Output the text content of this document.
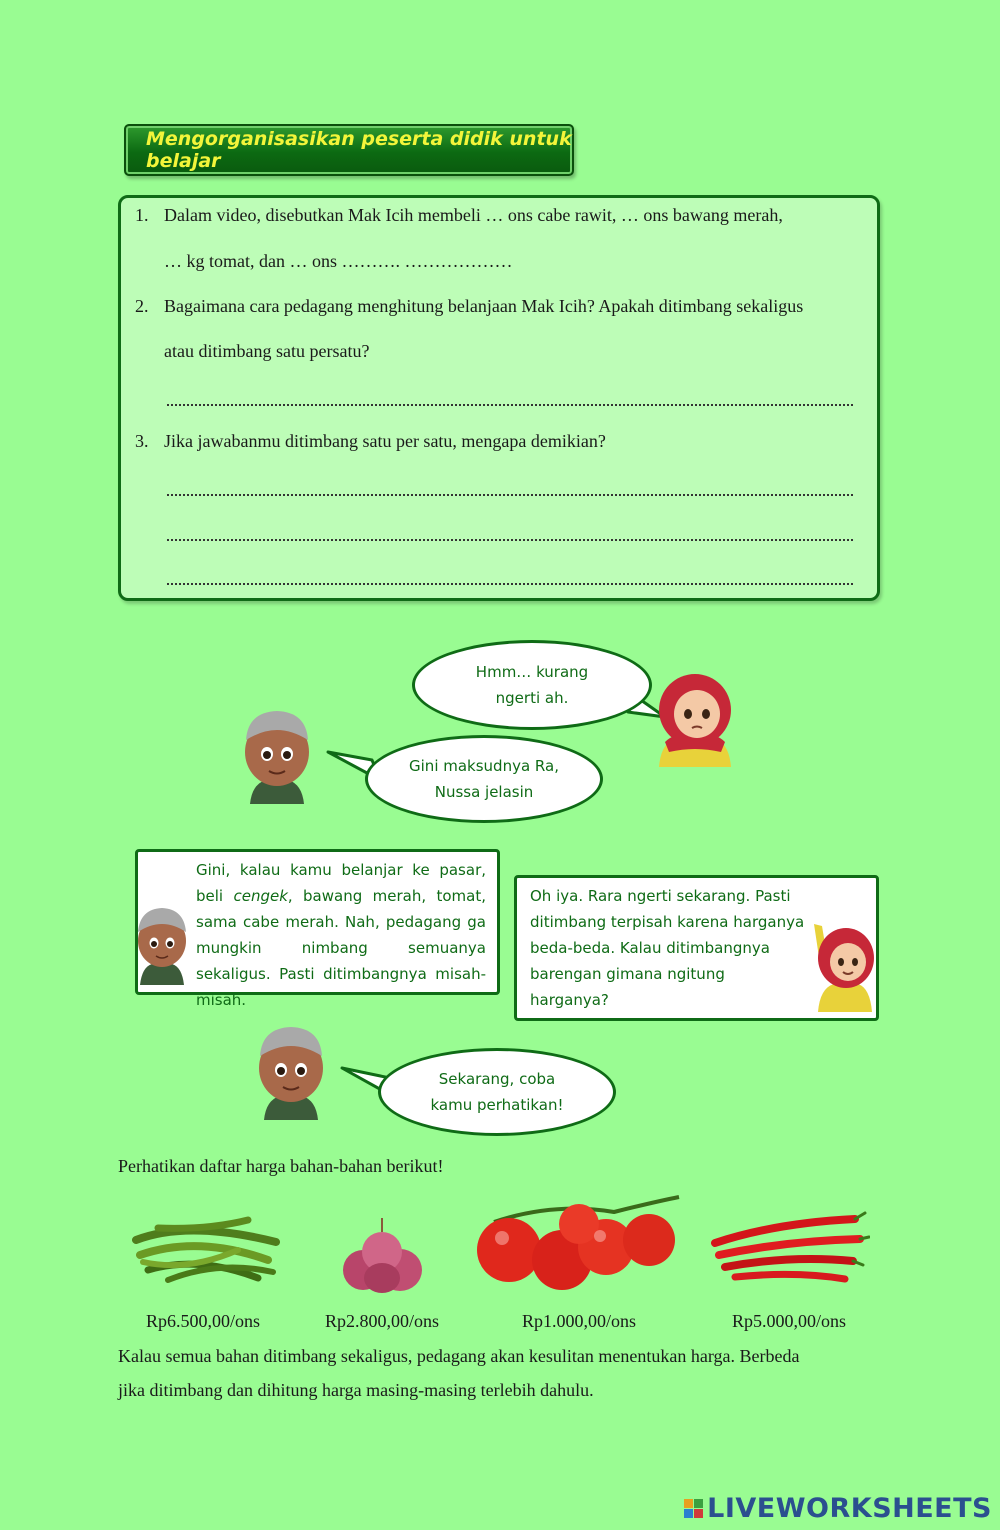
Mengorganisasikan peserta didik untuk belajar
1. Dalam video, disebutkan Mak Icih membeli … ons cabe rawit, … ons bawang merah,
… kg tomat, dan … ons ………. ………………
2. Bagaimana cara pedagang menghitung belanjaan Mak Icih? Apakah ditimbang sekaligus
atau ditimbang satu persatu?
3. Jika jawabanmu ditimbang satu per satu, mengapa demikian?
Hmm… kurang ngerti ah.
Gini maksudnya Ra, Nussa jelasin
Gini, kalau kamu belanjar ke pasar, beli cengek, bawang merah, tomat, sama cabe merah. Nah, pedagang ga mungkin nimbang semuanya sekaligus. Pasti ditimbangnya misah-misah.
Oh iya. Rara ngerti sekarang. Pasti ditimbang terpisah karena harganya beda-beda. Kalau ditimbangnya barengan gimana ngitung harganya?
Sekarang, coba kamu perhatikan!
Perhatikan daftar harga bahan-bahan berikut!
Rp6.500,00/ons	Rp2.800,00/ons	Rp1.000,00/ons	Rp5.000,00/ons
Kalau semua bahan ditimbang sekaligus, pedagang akan kesulitan menentukan harga. Berbeda
jika ditimbang dan dihitung harga masing-masing terlebih dahulu.
LIVEWORKSHEETS
